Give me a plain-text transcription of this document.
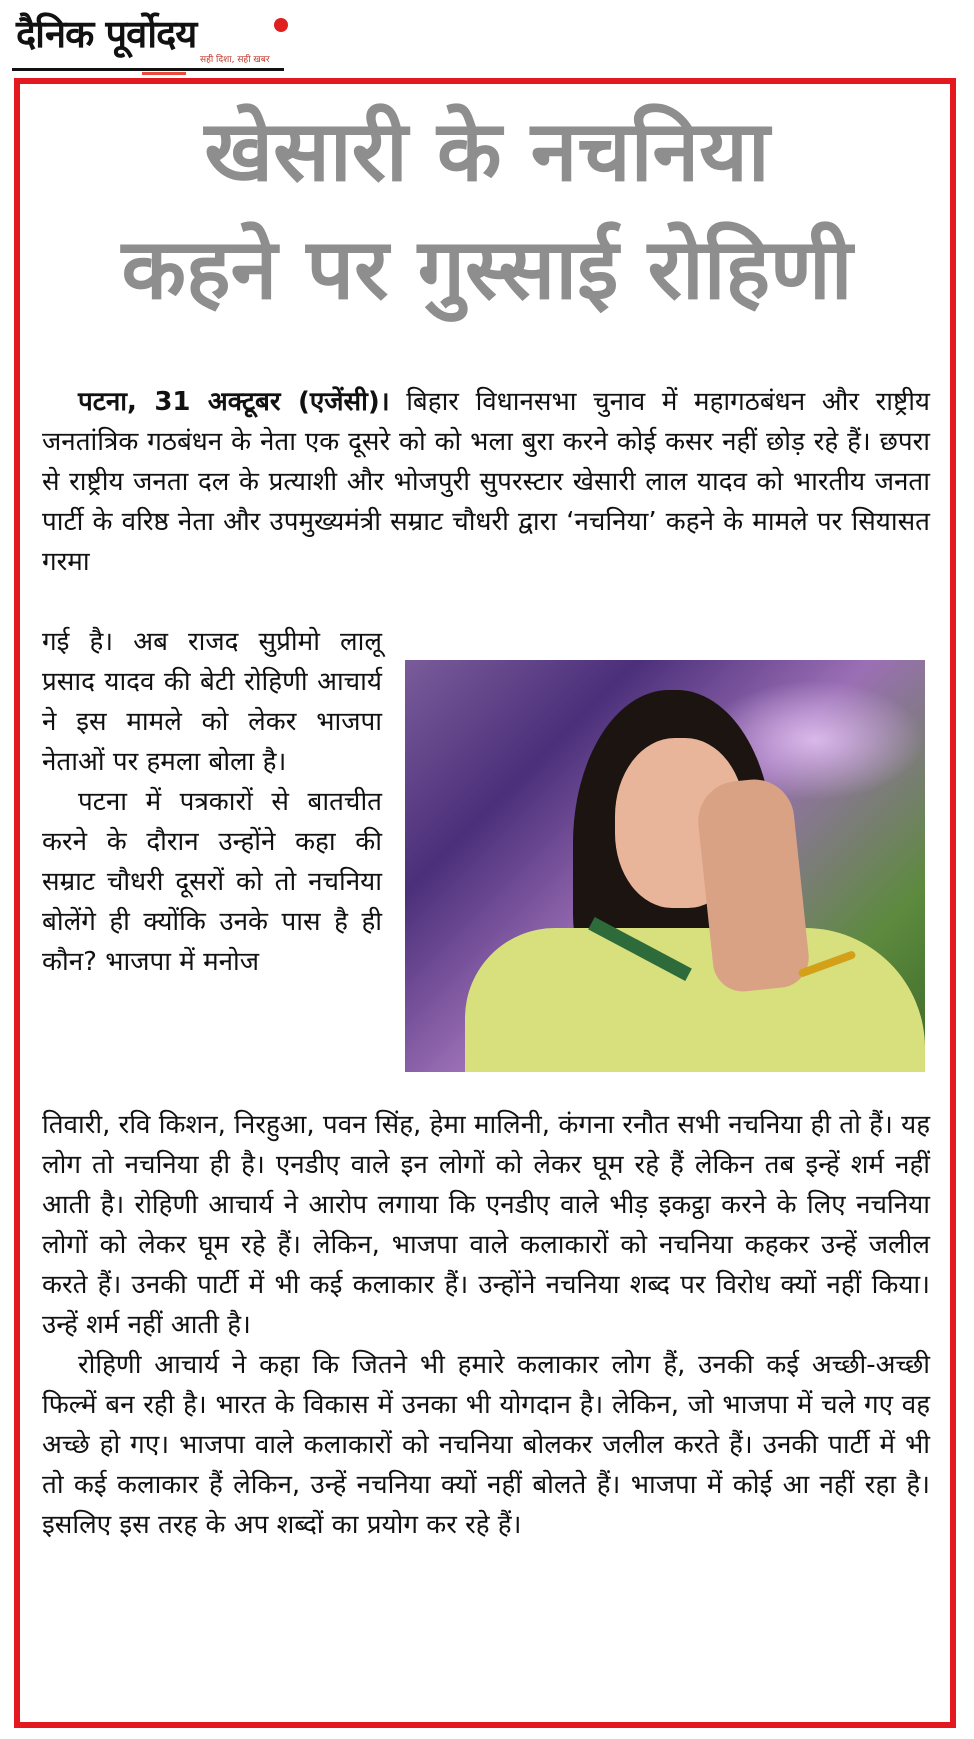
दैनिक पूर्वोदय
सही दिशा, सही खबर
खेसारी के नचनिया
कहने पर गुस्साई रोहिणी

पटना, 31 अक्टूबर (एजेंसी)। बिहार विधानसभा चुनाव में महागठबंधन और राष्ट्रीय जनतांत्रिक गठबंधन के नेता एक दूसरे को को भला बुरा करने कोई कसर नहीं छोड़ रहे हैं। छपरा से राष्ट्रीय जनता दल के प्रत्याशी और भोजपुरी सुपरस्टार खेसारी लाल यादव को भारतीय जनता पार्टी के वरिष्ठ नेता और उपमुख्यमंत्री सम्राट चौधरी द्वारा ‘नचनिया’ कहने के मामले पर सियासत गरमा

गई है। अब राजद सुप्रीमो लालू प्रसाद यादव की बेटी रोहिणी आचार्य ने इस मामले को लेकर भाजपा नेताओं पर हमला बोला है।

पटना में पत्रकारों से बातचीत करने के दौरान उन्होंने कहा की सम्राट चौधरी दूसरों को तो नचनिया बोलेंगे ही क्योंकि उनके पास है ही कौन? भाजपा में मनोज

तिवारी, रवि किशन, निरहुआ, पवन सिंह, हेमा मालिनी, कंगना रनौत सभी नचनिया ही तो हैं। यह लोग तो नचनिया ही है। एनडीए वाले इन लोगों को लेकर घूम रहे हैं लेकिन तब इन्हें शर्म नहीं आती है। रोहिणी आचार्य ने आरोप लगाया कि एनडीए वाले भीड़ इकट्ठा करने के लिए नचनिया लोगों को लेकर घूम रहे हैं। लेकिन, भाजपा वाले कलाकारों को नचनिया कहकर उन्हें जलील करते हैं। उनकी पार्टी में भी कई कलाकार हैं। उन्होंने नचनिया शब्द पर विरोध क्यों नहीं किया। उन्हें शर्म नहीं आती है।

रोहिणी आचार्य ने कहा कि जितने भी हमारे कलाकार लोग हैं, उनकी कई अच्छी-अच्छी फिल्में बन रही है। भारत के विकास में उनका भी योगदान है। लेकिन, जो भाजपा में चले गए वह अच्छे हो गए। भाजपा वाले कलाकारों को नचनिया बोलकर जलील करते हैं। उनकी पार्टी में भी तो कई कलाकार हैं लेकिन, उन्हें नचनिया क्यों नहीं बोलते हैं। भाजपा में कोई आ नहीं रहा है। इसलिए इस तरह के अप शब्दों का प्रयोग कर रहे हैं।
